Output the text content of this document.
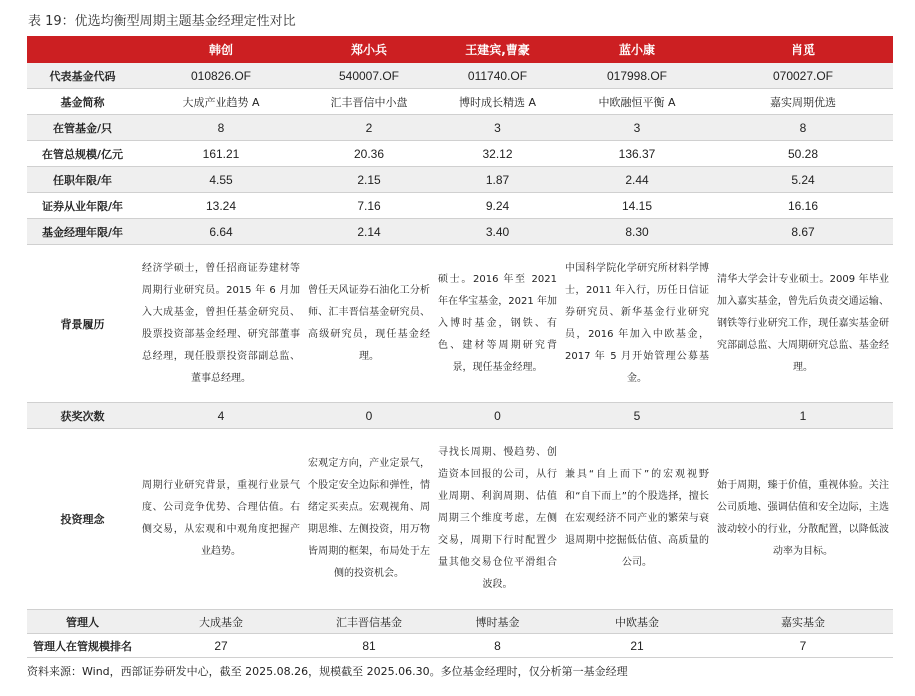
表 19：优选均衡型周期主题基金经理定性对比
	韩创	郑小兵	王建宾,曹豪	蓝小康	肖觅
代表基金代码	010826.OF	540007.OF	011740.OF	017998.OF	070027.OF
基金简称	大成产业趋势 A	汇丰晋信中小盘	博时成长精选 A	中欧融恒平衡 A	嘉实周期优选
在管基金/只	8	2	3	3	8
在管总规模/亿元	161.21	20.36	32.12	136.37	50.28
任职年限/年	4.55	2.15	1.87	2.44	5.24
证券从业年限/年	13.24	7.16	9.24	14.15	16.16
基金经理年限/年	6.64	2.14	3.40	8.30	8.67
背景履历	经济学硕士，曾任招商证券建材等周期行业研究员。2015 年 6 月加入大成基金，曾担任基金研究员、股票投资部基金经理、研究部董事总经理，现任股票投资部副总监、董事总经理。	曾任天风证券石油化工分析师、汇丰晋信基金研究员、高级研究员，现任基金经理。	硕士。2016 年至 2021 年在华宝基金，2021 年加入博时基金，钢铁、有色、建材等周期研究背景，现任基金经理。	中国科学院化学研究所材料学博士，2011 年入行，历任日信证券研究员、新华基金行业研究员，2016 年加入中欧基金，2017 年 5 月开始管理公募基金。	清华大学会计专业硕士。2009 年毕业加入嘉实基金，曾先后负责交通运输、钢铁等行业研究工作，现任嘉实基金研究部副总监、大周期研究总监、基金经理。
获奖次数	4	0	0	5	1
投资理念	周期行业研究背景，重视行业景气度、公司竞争优势、合理估值。右侧交易，从宏观和中观角度把握产业趋势。	宏观定方向，产业定景气，个股定安全边际和弹性，情绪定买卖点。宏观视角、周期思维、左侧投资，用万物皆周期的框架，布局处于左侧的投资机会。	寻找长周期、慢趋势、创造资本回报的公司，从行业周期、利润周期、估值周期三个维度考虑，左侧交易，周期下行时配置少量其他交易仓位平滑组合波段。	兼具“自上而下”的宏观视野和“自下而上”的个股选择，擅长在宏观经济不同产业的繁荣与衰退周期中挖掘低估值、高质量的公司。	始于周期，臻于价值，重视体验。关注公司质地、强调估值和安全边际，主选波动较小的行业，分散配置，以降低波动率为目标。
管理人	大成基金	汇丰晋信基金	博时基金	中欧基金	嘉实基金
管理人在管规模排名	27	81	8	21	7
资料来源：Wind，西部证券研发中心，截至 2025.08.26，规模截至 2025.06.30。多位基金经理时，仅分析第一基金经理
